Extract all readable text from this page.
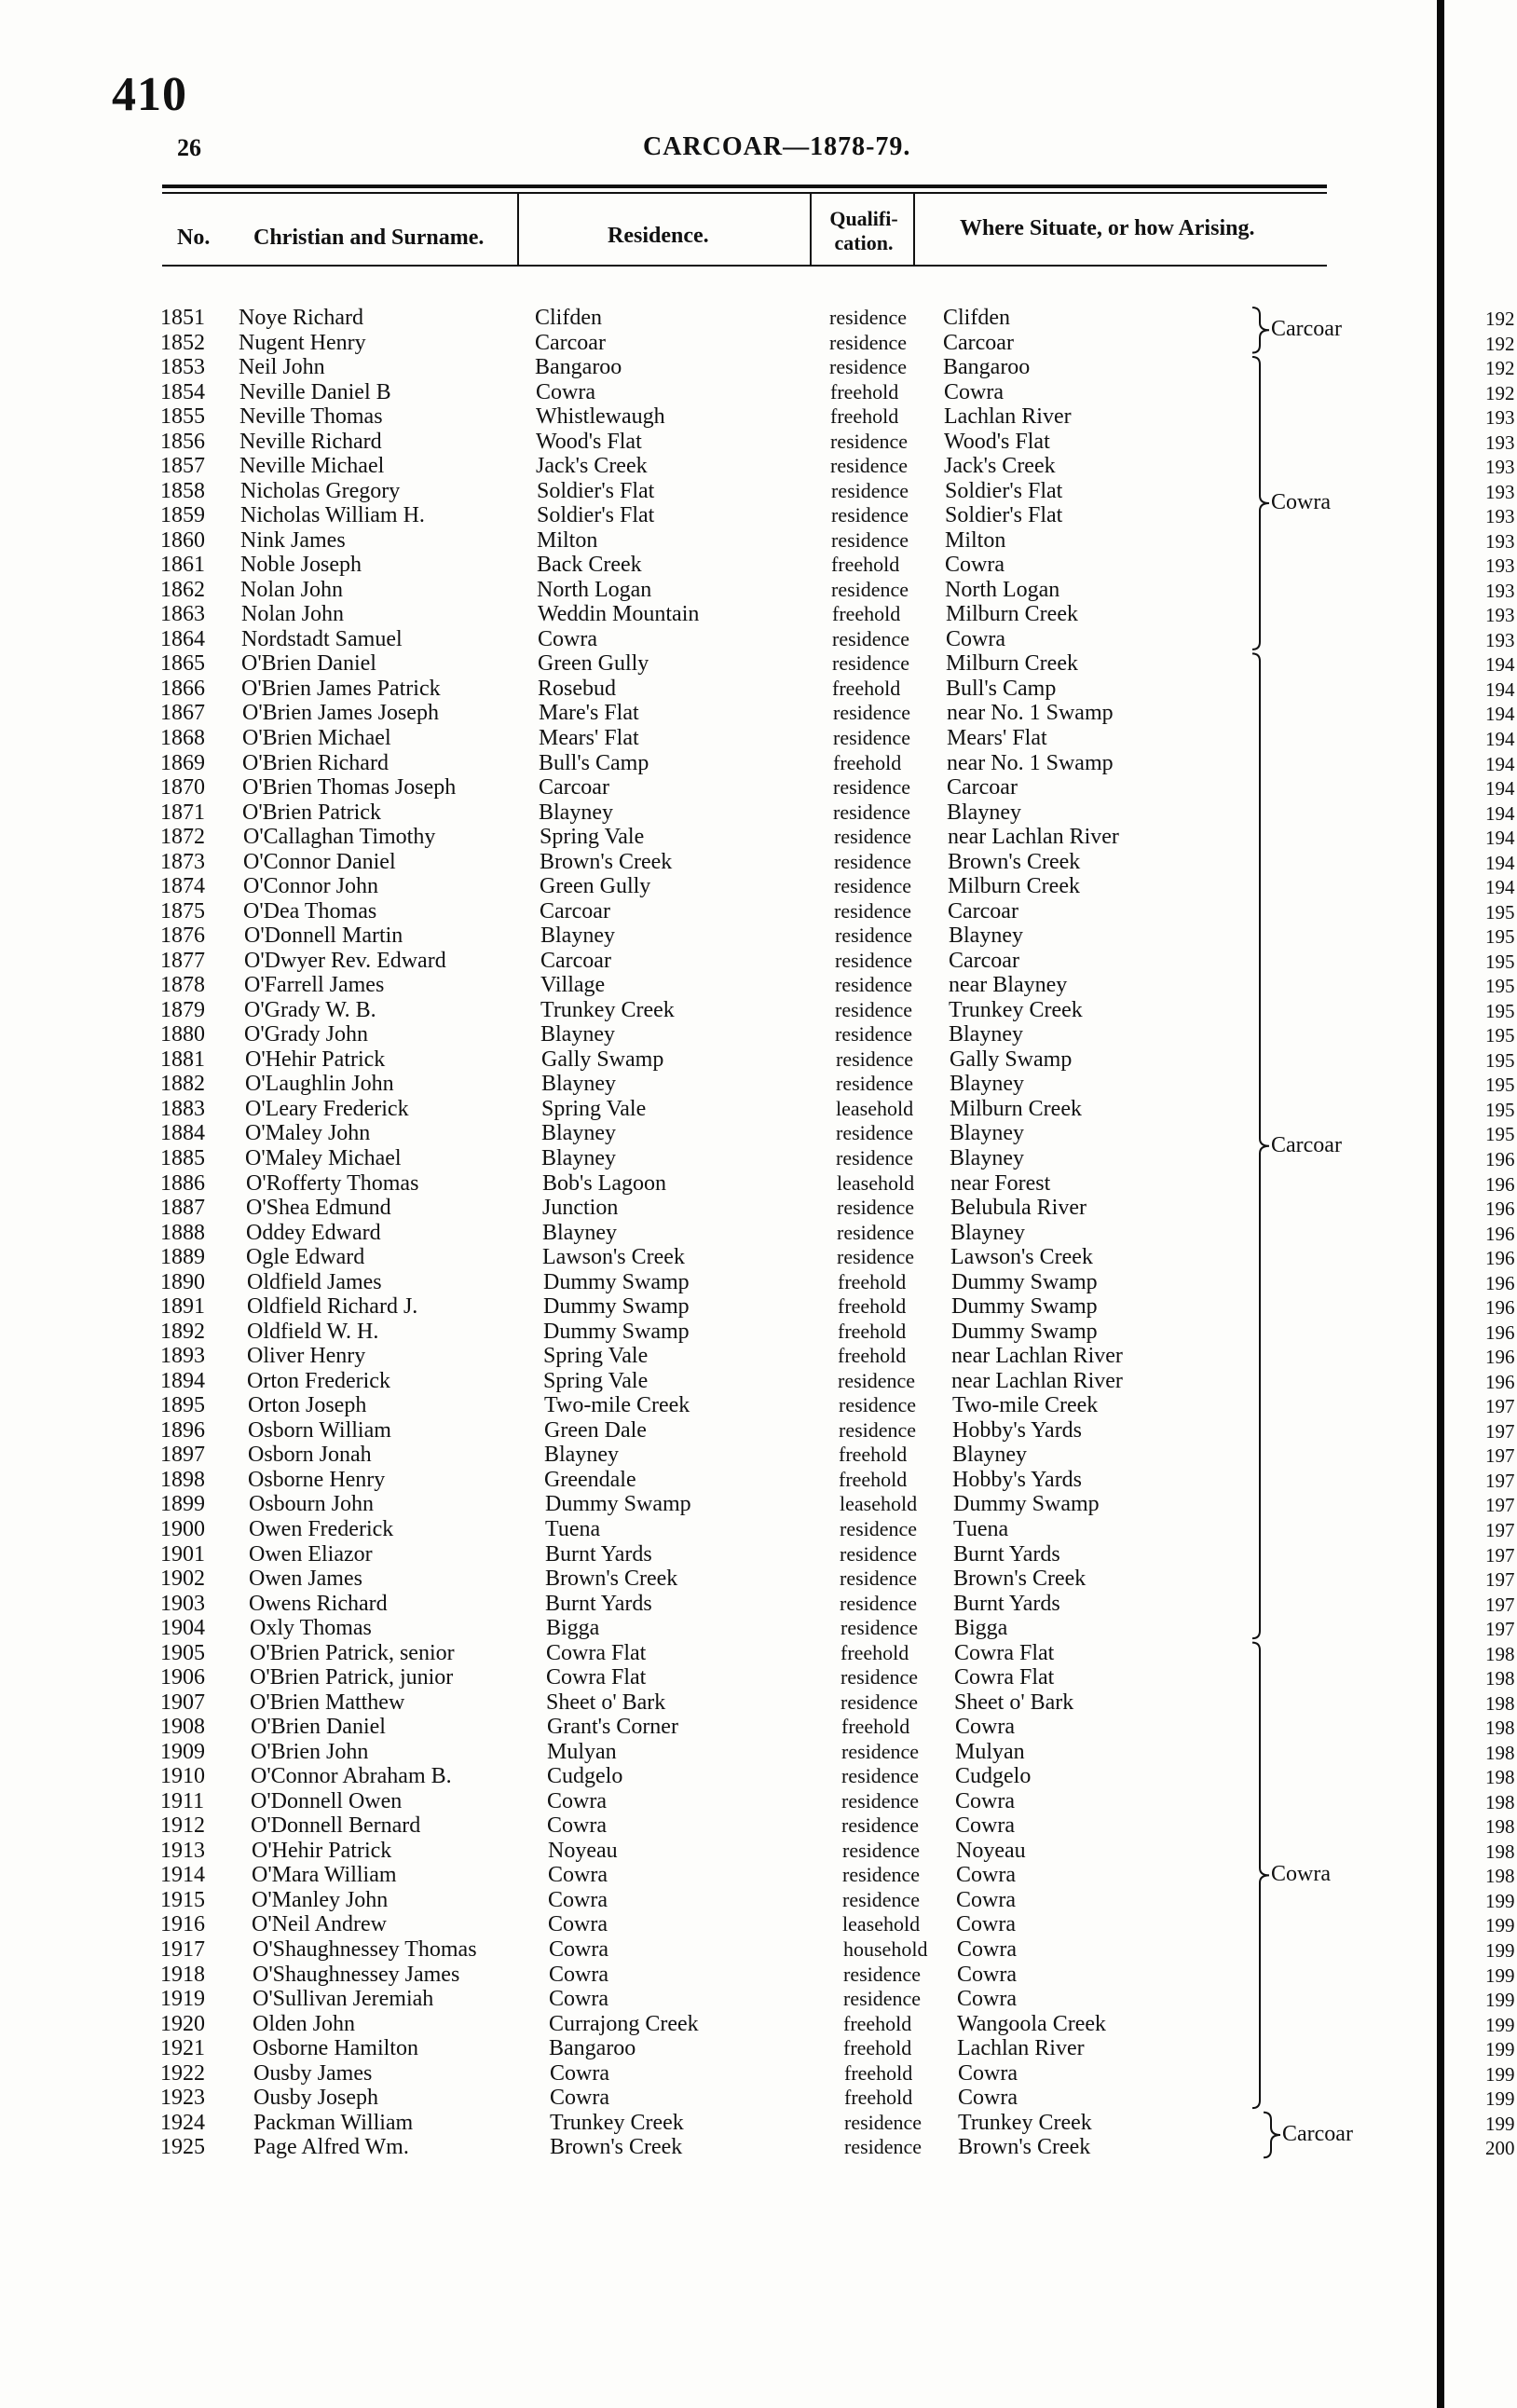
410
26	CARCOAR—1878-79.
No. Christian and Surname.	Residence.
Qualifi-
cation.
Where Situate, or how Arising.
1851	Noye Richard	Clifden	residence Clifden
1852	Nugent Henry	Carcoar	residence Carcoar
1853	Neil John	Bangaroo	residence Bangaroo
1854	Neville Daniel B	Cowra	freehold Cowra
1855	Neville Thomas	Whistlewaugh	freehold Lachlan River
1856	Neville Richard	Wood's Flat	residence Wood's Flat
1857	Neville Michael	Jack's Creek	residence Jack's Creek
1858	Nicholas Gregory	Soldier's Flat	residence Soldier's Flat
1859	Nicholas William H.	Soldier's Flat	residence Soldier's Flat
1860	Nink James	Milton	residence Milton
1861	Noble Joseph	Back Creek	freehold Cowra
1862	Nolan John	North Logan	residence North Logan
1863	Nolan John	Weddin Mountain	freehold Milburn Creek
1864	Nordstadt Samuel	Cowra	residence Cowra
1865	O'Brien Daniel	Green Gully	residence Milburn Creek
1866	O'Brien James Patrick	Rosebud	freehold Bull's Camp
1867	O'Brien James Joseph	Mare's Flat	residence near No. 1 Swamp
1868	O'Brien Michael	Mears' Flat	residence Mears' Flat
1869	O'Brien Richard	Bull's Camp	freehold near No. 1 Swamp
1870	O'Brien Thomas Joseph	Carcoar	residence Carcoar
1871	O'Brien Patrick	Blayney	residence Blayney
1872	O'Callaghan Timothy	Spring Vale	residence near Lachlan River
1873	O'Connor Daniel	Brown's Creek	residence Brown's Creek
1874	O'Connor John	Green Gully	residence Milburn Creek
1875	O'Dea Thomas	Carcoar	residence Carcoar
1876	O'Donnell Martin	Blayney	residence Blayney
1877	O'Dwyer Rev. Edward	Carcoar	residence Carcoar
1878	O'Farrell James	Village	residence near Blayney
1879	O'Grady W. B.	Trunkey Creek	residence Trunkey Creek
1880	O'Grady John	Blayney	residence Blayney
1881	O'Hehir Patrick	Gally Swamp	residence Gally Swamp
1882	O'Laughlin John	Blayney	residence Blayney
1883	O'Leary Frederick	Spring Vale	leasehold Milburn Creek
1884	O'Maley John	Blayney	residence Blayney
1885	O'Maley Michael	Blayney	residence Blayney
1886	O'Rofferty Thomas	Bob's Lagoon	leasehold near Forest
1887	O'Shea Edmund	Junction	residence Belubula River
1888	Oddey Edward	Blayney	residence Blayney
1889	Ogle Edward	Lawson's Creek	residence Lawson's Creek
1890	Oldfield James	Dummy Swamp	freehold Dummy Swamp
1891	Oldfield Richard J.	Dummy Swamp	freehold Dummy Swamp
1892	Oldfield W. H.	Dummy Swamp	freehold Dummy Swamp
1893	Oliver Henry	Spring Vale	freehold near Lachlan River
1894	Orton Frederick	Spring Vale	residence near Lachlan River
1895	Orton Joseph	Two-mile Creek	residence Two-mile Creek
1896	Osborn William	Green Dale	residence Hobby's Yards
1897	Osborn Jonah	Blayney	freehold Blayney
1898	Osborne Henry	Greendale	freehold Hobby's Yards
1899	Osbourn John	Dummy Swamp	leasehold Dummy Swamp
1900	Owen Frederick	Tuena	residence Tuena
1901	Owen Eliazor	Burnt Yards	residence Burnt Yards
1902	Owen James	Brown's Creek	residence Brown's Creek
1903	Owens Richard	Burnt Yards	residence Burnt Yards
1904	Oxly Thomas	Bigga	residence Bigga
1905	O'Brien Patrick, senior	Cowra Flat	freehold Cowra Flat
1906	O'Brien Patrick, junior	Cowra Flat	residence Cowra Flat
1907	O'Brien Matthew	Sheet o' Bark	residence Sheet o' Bark
1908	O'Brien Daniel	Grant's Corner	freehold Cowra
1909	O'Brien John	Mulyan	residence Mulyan
1910	O'Connor Abraham B.	Cudgelo	residence Cudgelo
1911	O'Donnell Owen	Cowra	residence Cowra
1912	O'Donnell Bernard	Cowra	residence Cowra
1913	O'Hehir Patrick	Noyeau	residence Noyeau
1914	O'Mara William	Cowra	residence Cowra
1915	O'Manley John	Cowra	residence Cowra
1916	O'Neil Andrew	Cowra	leasehold Cowra
1917	O'Shaughnessey Thomas	Cowra	household Cowra
1918	O'Shaughnessey James	Cowra	residence Cowra
1919	O'Sullivan Jeremiah	Cowra	residence Cowra
1920	Olden John	Currajong Creek	freehold Wangoola Creek
1921	Osborne Hamilton	Bangaroo	freehold Lachlan River
1922	Ousby James	Cowra	freehold Cowra
1923	Ousby Joseph	Cowra	freehold Cowra
1924	Packman William	Trunkey Creek	residence Trunkey Creek
1925	Page Alfred Wm.	Brown's Creek	residence Brown's Creek
Carcoar
Cowra
Carcoar
Cowra
Carcoar
192
192
192
192
193
193
193
193
193
193
193
193
193
193
194
194
194
194
194
194
194
194
194
194
195
195
195
195
195
195
195
195
195
195
196
196
196
196
196
196
196
196
196
196
197
197
197
197
197
197
197
197
197
197
198
198
198
198
198
198
198
198
198
198
199
199
199
199
199
199
199
199
199
199
200
